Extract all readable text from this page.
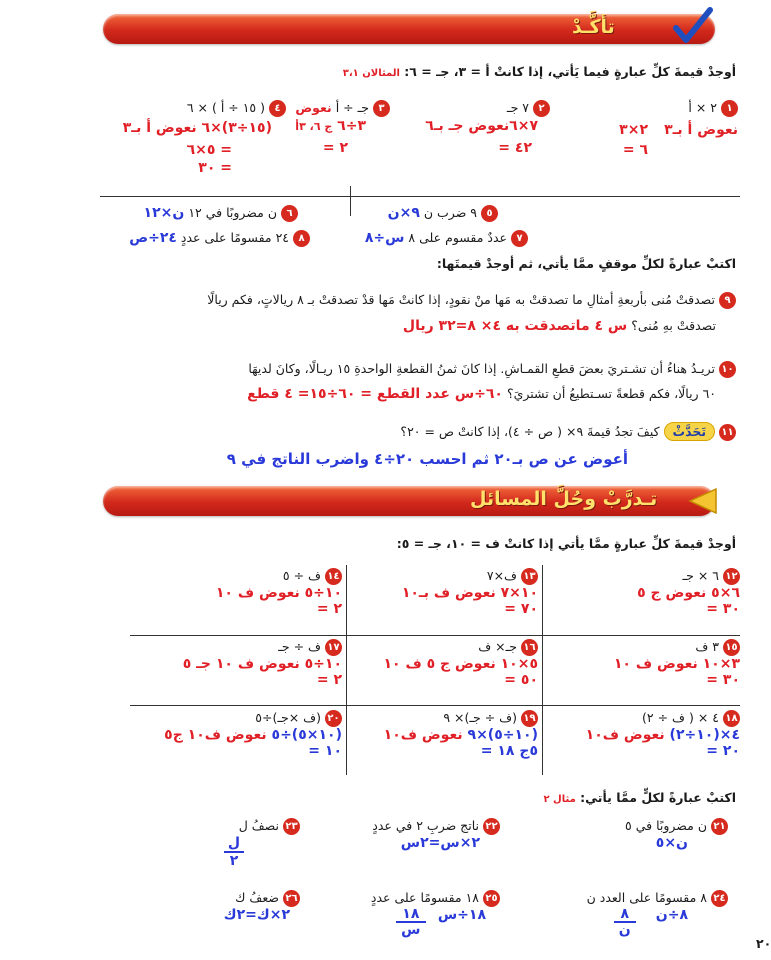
تأكَّـدْ
أوجدْ قيمةَ كلِّ عبارةٍ فيما يَأتي، إذا كانتْ أ = ٣، جـ = ٦: المثالان ٣،١
١ ٢ × أ
نعوض أ بـ٣
٢×٣
= ٦
٢ ٧ جـ
٧×٦نعوض جـ بـ٦
= ٤٢
٣ جـ ÷ أ نعوض
٣÷٦ ج ٦، ٣أ
= ٢
٤ ( ١٥ ÷ أ ) × ٦
(١٥÷٣)×٦ نعوض أ بـ٣
٥×٦ =
٣٠ =
٥ ٩ ضرب ن ٩×ن
٦ ن مضروبًا في ١٢ ن×١٢
٧ عددٌ مقسوم على ٨ س÷٨
٨ ٢٤ مقسومًا على عددٍ ٢٤÷ص
اكتبْ عبارةً لكلِّ موقفٍ ممَّا يأتي، ثم أوجدْ قيمتَها:
٩ تصدقتْ مُنى بأربعةِ أمثالِ ما تصدقتْ به مَها منْ نقودٍ، إذا كانتْ مَها قدْ تصدقتْ بـ ٨ ريالاتٍ، فكم ريالًا
تصدقتْ بهِ مُنى؟ س ٤ ماتصدقت به ٤× ٨=٣٢ ريال
١٠ تريـدُ هناءُ أن تشـتريَ بعضَ قطعِ القمـاشِ. إذا كانَ ثمنُ القطعةِ الواحدةِ ١٥ ريـالًا، وكانَ لديهَا
٦٠ ريالًا، فكم قطعةً تسـتطيعُ أن تشتريَ؟ ٦٠÷س عدد القطع = ٦٠÷١٥= ٤ قطع
١١ تَحَدَّثْ كيفَ تجدُ قيمةَ ٩× ( ص ÷ ٤)، إذا كانتْ ص = ٢٠؟
أعوض عن ص بـ٢٠ ثم احسب ٢٠÷٤ واضرب الناتج في ٩
تـدرَّبْ وحُلَّ المسائل
أوجدْ قيمةَ كلِّ عبارةٍ ممَّا يأتي إذا كانتْ ف = ١٠، جـ = ٥:
١٢ ٦ × جـ
٦×٥ نعوض ج ٥
٣٠ =
١٣ ف×٧
١٠×٧ نعوض ف بـ١٠
٧٠ =
١٤ ف ÷ ٥
١٠÷٥ نعوض ف ١٠
٢ =
١٥ ٣ ف
٣×١٠ نعوض ف ١٠
٣٠ =
١٦ جـ× ف
٥×١٠ نعوض ج ٥ ف ١٠
٥٠ =
١٧ ف ÷ جـ
١٠÷٥ نعوض ف ١٠ جـ ٥
٢ =
١٨ ٤ × ( ف ÷ ٢)
٤×(١٠÷٢) نعوض ف١٠
٢٠ =
١٩ (ف ÷ جـ)× ٩
(١٠÷٥)×٩ نعوض ف١٠
٥ج ١٨ =
٢٠ (ف ×جـ)÷٥
(١٠×٥)÷٥ نعوض ف١٠ ج٥
١٠ =
اكتبْ عبارةً لكلٍّ ممَّا يأتي: مثال ٢
٢١ ن مضروبًا في ٥
ن×٥
٢٢ ناتج ضربِ ٢ في عددٍ
٢×س=٢س
٢٣ نصفُ ل
ل
٢
٢٤ ٨ مقسومًا على العدد ن
٨÷ن
٨
ن
٢٥ ١٨ مقسومًا على عددٍ
١٨÷س
١٨
س
٢٦ ضعفُ ك
٢×ك=٢ك
٢٠
